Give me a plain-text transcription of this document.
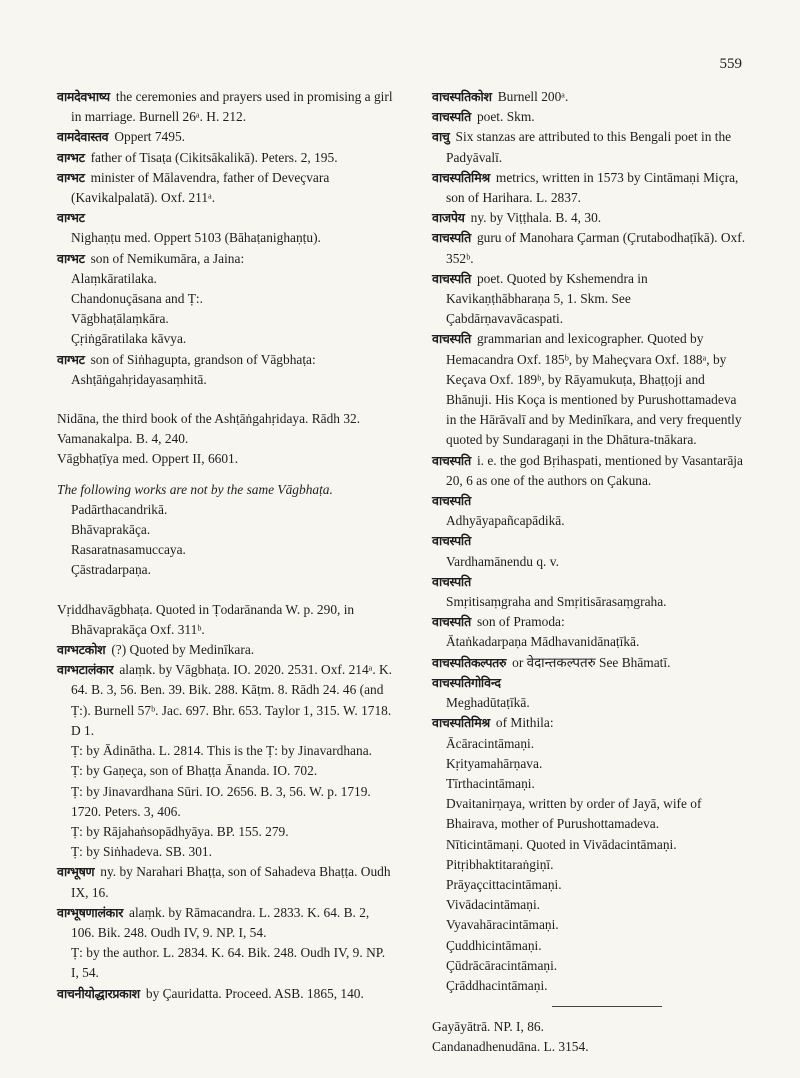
559

वामदेवभाष्य the ceremonies and prayers used in promising a girl in marriage. Burnell 26ᵃ. H. 212.

वामदेवास्तव Oppert 7495.

वाग्भट father of Tisaṭa (Cikitsākalikā). Peters. 2, 195.

वाग्भट minister of Mālavendra, father of Deveçvara (Kavikalpalatā). Oxf. 211ᵃ.

वाग्भट

Nighaṇṭu med. Oppert 5103 (Bāhaṭanighaṇṭu).

वाग्भट son of Nemikumāra, a Jaina:

Alaṃkāratilaka.

Chandonuçāsana and Ṭ:.

Vāgbhaṭālaṃkāra.

Çṛiṅgāratilaka kāvya.

वाग्भट son of Siṅhagupta, grandson of Vāgbhaṭa:

Ashṭāṅgahṛidayasaṃhitā.

Nidāna, the third book of the Ashṭāṅgahṛidaya. Rādh 32.

Vamanakalpa. B. 4, 240.

Vāgbhaṭīya med. Oppert II, 6601.

The following works are not by the same Vāgbhaṭa.

Padārthacandrikā.

Bhāvaprakāça.

Rasaratnasamuccaya.

Çāstradarpaṇa.

Vṛiddhavāgbhaṭa. Quoted in Ṭodarānanda W. p. 290, in Bhāvaprakāça Oxf. 311ᵇ.

वाग्भटकोश (?) Quoted by Medinīkara.

वाग्भटालंकार alaṃk. by Vāgbhaṭa. IO. 2020. 2531. Oxf. 214ᵃ. K. 64. B. 3, 56. Ben. 39. Bik. 288. Kāṭm. 8. Rādh 24. 46 (and Ṭ:). Burnell 57ᵇ. Jac. 697. Bhr. 653. Taylor 1, 315. W. 1718. D 1.

Ṭ: by Ādinātha. L. 2814. This is the Ṭ: by Jinavardhana.

Ṭ: by Gaṇeça, son of Bhaṭṭa Ānanda. IO. 702.

Ṭ: by Jinavardhana Sūri. IO. 2656. B. 3, 56. W. p. 1719. 1720. Peters. 3, 406.

Ṭ: by Rājahaṅsopādhyāya. BP. 155. 279.

Ṭ: by Siṅhadeva. SB. 301.

वाग्भूषण ny. by Narahari Bhaṭṭa, son of Sahadeva Bhaṭṭa. Oudh IX, 16.

वाग्भूषणालंकार alaṃk. by Rāmacandra. L. 2833. K. 64. B. 2, 106. Bik. 248. Oudh IV, 9. NP. I, 54.

Ṭ: by the author. L. 2834. K. 64. Bik. 248. Oudh IV, 9. NP. I, 54.

वाचनीयोद्धारप्रकाश by Çauridatta. Proceed. ASB. 1865, 140.

वाचस्पतिकोश Burnell 200ᵃ.

वाचस्पति poet. Skm.

वाचु Six stanzas are attributed to this Bengali poet in the Padyāvalī.

वाचस्पतिमिश्र metrics, written in 1573 by Cintāmaṇi Miçra, son of Harihara. L. 2837.

वाजपेय ny. by Viṭṭhala. B. 4, 30.

वाचस्पति guru of Manohara Çarman (Çrutabodhaṭīkā). Oxf. 352ᵇ.

वाचस्पति poet. Quoted by Kshemendra in Kavikaṇṭhābharaṇa 5, 1. Skm. See Çabdārṇavavācaspati.

वाचस्पति grammarian and lexicographer. Quoted by Hemacandra Oxf. 185ᵇ, by Maheçvara Oxf. 188ᵃ, by Keçava Oxf. 189ᵇ, by Rāyamukuṭa, Bhaṭṭoji and Bhānuji. His Koça is mentioned by Purushottamadeva in the Hārāvalī and by Medinīkara, and very frequently quoted by Sundaragaṇi in the Dhātura-tnākara.

वाचस्पति i. e. the god Bṛihaspati, mentioned by Vasantarāja 20, 6 as one of the authors on Çakuna.

वाचस्पति

Adhyāyapañcapādikā.

वाचस्पति

Vardhamānendu q. v.

वाचस्पति

Smṛitisaṃgraha and Smṛitisārasaṃgraha.

वाचस्पति son of Pramoda:

Ātaṅkadarpaṇa Mādhavanidānaṭīkā.

वाचस्पतिकल्पतरु or वेदान्तकल्पतरु See Bhāmatī.

वाचस्पतिगोविन्द

Meghadūtaṭīkā.

वाचस्पतिमिश्र of Mithila:

Ācāracintāmaṇi.

Kṛityamahārṇava.

Tīrthacintāmaṇi.

Dvaitanirṇaya, written by order of Jayā, wife of Bhairava, mother of Purushottamadeva.

Nīticintāmaṇi. Quoted in Vivādacintāmaṇi.

Pitṛibhaktitaraṅgiṇī.

Prāyaçcittacintāmaṇi.

Vivādacintāmaṇi.

Vyavahāracintāmaṇi.

Çuddhicintāmaṇi.

Çūdrācāracintāmaṇi.

Çrāddhacintāmaṇi.

Gayāyātrā. NP. I, 86.

Candanadhenudāna. L. 3154.
